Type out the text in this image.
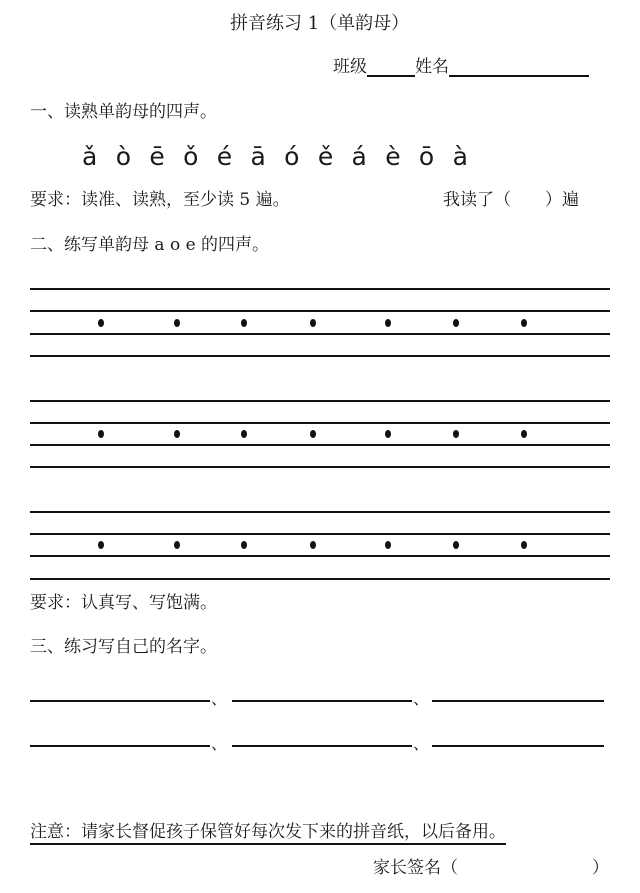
拼音练习 1（单韵母）
班级	姓名
一、读熟单韵母的四声。
ǎ ò ē ǒ é ā ó ě á è ō à
要求：读准、读熟，至少读 5 遍。	我读了（　　）遍
二、练写单韵母 a o e 的四声。
要求：认真写、写饱满。
三、练习写自己的名字。
、	、
、	、
注意：请家长督促孩子保管好每次发下来的拼音纸，以后备用。
家长签名（	）
